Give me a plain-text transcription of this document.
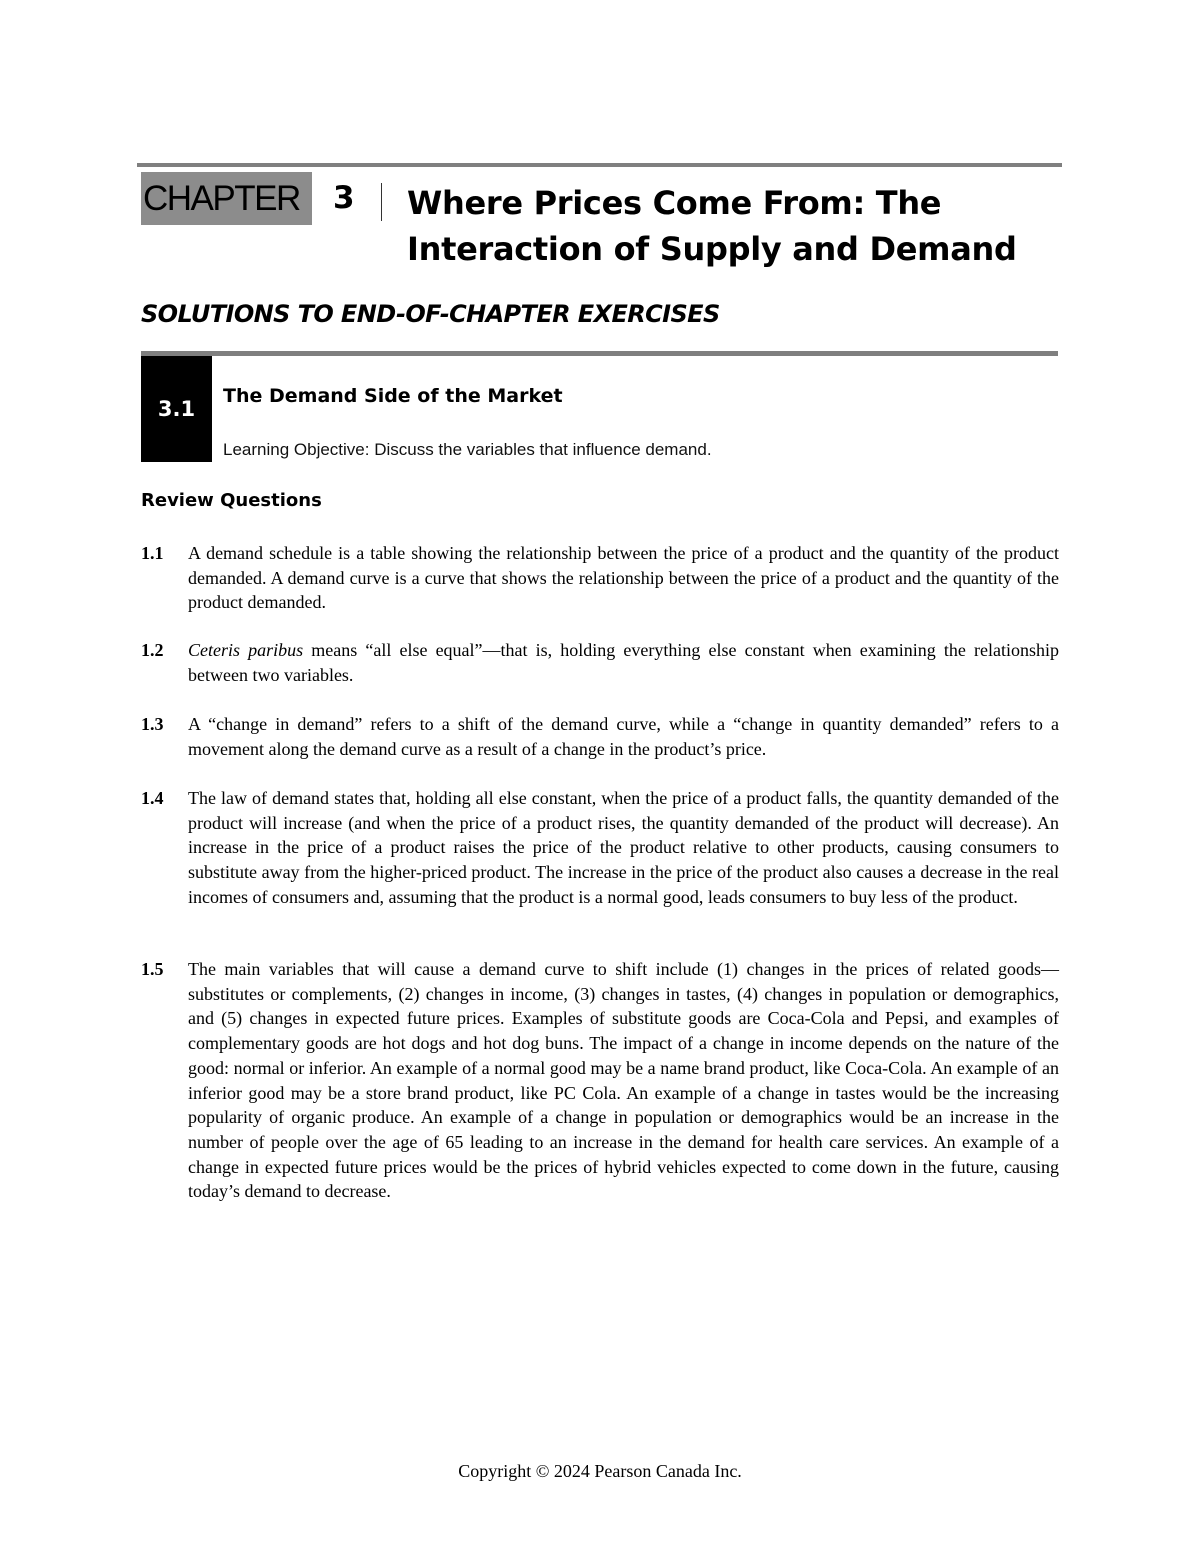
CHAPTER	3 Where Prices Come From: The
Interaction of Supply and Demand
SOLUTIONS TO END-OF-CHAPTER EXERCISES
3.1
The Demand Side of the Market
Learning Objective: Discuss the variables that influence demand.
Review Questions
1.1	A demand schedule is a table showing the relationship between the price of a product and the quantity of the product demanded. A demand curve is a curve that shows the relationship between the price of a product and the quantity of the product demanded.
1.2	Ceteris paribus means “all else equal”—that is, holding everything else constant when examining the relationship between two variables.
1.3	A “change in demand” refers to a shift of the demand curve, while a “change in quantity demanded” refers to a movement along the demand curve as a result of a change in the product’s price.
1.4	The law of demand states that, holding all else constant, when the price of a product falls, the quantity demanded of the product will increase (and when the price of a product rises, the quantity demanded of the product will decrease). An increase in the price of a product raises the price of the product relative to other products, causing consumers to substitute away from the higher-priced product. The increase in the price of the product also causes a decrease in the real incomes of consumers and, assuming that the product is a normal good, leads consumers to buy less of the product.
1.5	The main variables that will cause a demand curve to shift include (1) changes in the prices of related goods—substitutes or complements, (2) changes in income, (3) changes in tastes, (4) changes in population or demographics, and (5) changes in expected future prices. Examples of substitute goods are Coca-Cola and Pepsi, and examples of complementary goods are hot dogs and hot dog buns. The impact of a change in income depends on the nature of the good: normal or inferior. An example of a normal good may be a name brand product, like Coca-Cola. An example of an inferior good may be a store brand product, like PC Cola. An example of a change in tastes would be the increasing popularity of organic produce. An example of a change in population or demographics would be an increase in the number of people over the age of 65 leading to an increase in the demand for health care services. An example of a change in expected future prices would be the prices of hybrid vehicles expected to come down in the future, causing today’s demand to decrease.
Copyright © 2024 Pearson Canada Inc.
